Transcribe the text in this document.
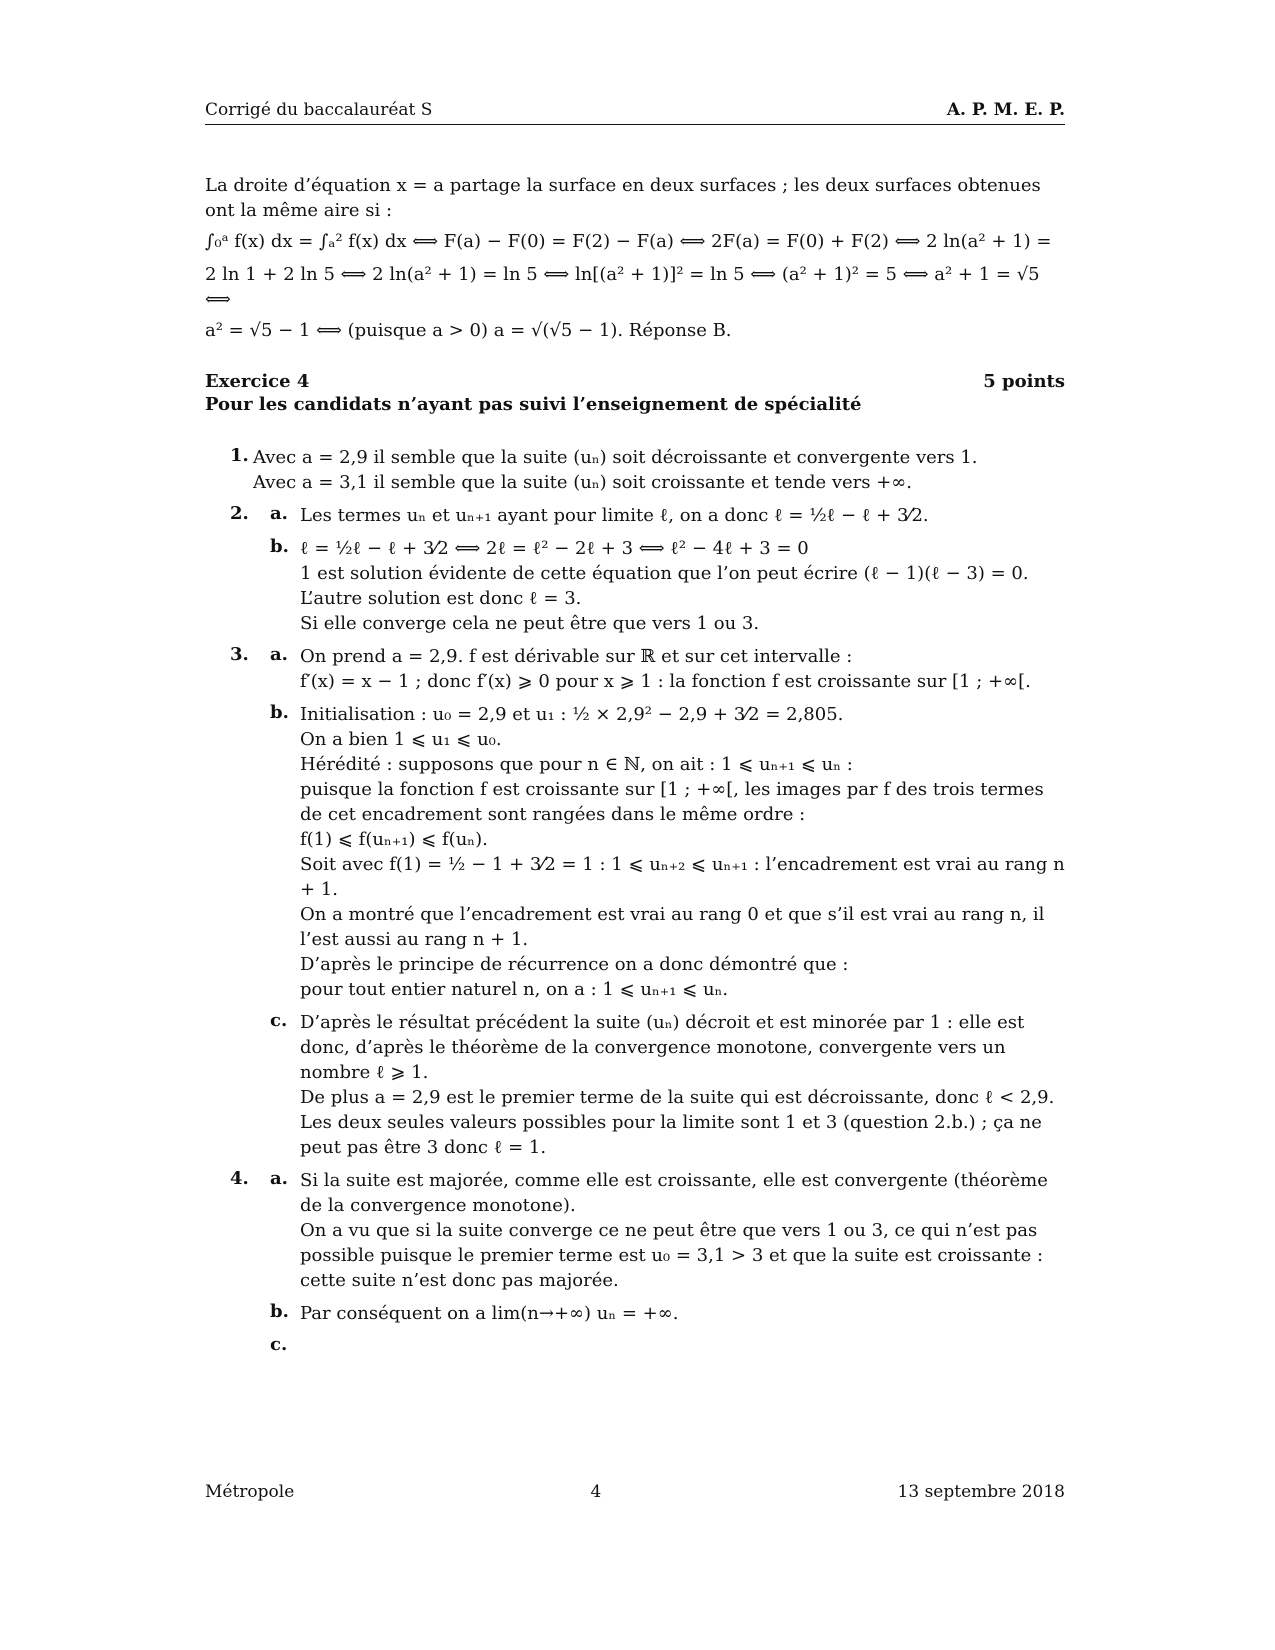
Corrigé du baccalauréat S	A. P. M. E. P.

La droite d’équation x = a partage la surface en deux surfaces ; les deux surfaces obtenues ont la même aire si :

∫₀ᵃ f(x) dx = ∫ₐ² f(x) dx ⟺ F(a) − F(0) = F(2) − F(a) ⟺ 2F(a) = F(0) + F(2) ⟺ 2 ln(a² + 1) =

2 ln 1 + 2 ln 5 ⟺ 2 ln(a² + 1) = ln 5 ⟺ ln[(a² + 1)]² = ln 5 ⟺ (a² + 1)² = 5 ⟺ a² + 1 = √5 ⟺

a² = √5 − 1 ⟺ (puisque a > 0) a = √(√5 − 1). Réponse B.

Exercice 4	5 points

Pour les candidats n’ayant pas suivi l’enseignement de spécialité

1. Avec a = 2,9 il semble que la suite (uₙ) soit décroissante et convergente vers 1.

Avec a = 3,1 il semble que la suite (uₙ) soit croissante et tende vers +∞.

2. a. Les termes uₙ et uₙ₊₁ ayant pour limite ℓ, on a donc ℓ = ½ℓ − ℓ + 3⁄2.

b. ℓ = ½ℓ − ℓ + 3⁄2 ⟺ 2ℓ = ℓ² − 2ℓ + 3 ⟺ ℓ² − 4ℓ + 3 = 0

1 est solution évidente de cette équation que l’on peut écrire (ℓ − 1)(ℓ − 3) = 0.

L’autre solution est donc ℓ = 3.

Si elle converge cela ne peut être que vers 1 ou 3.

3. a. On prend a = 2,9. f est dérivable sur ℝ et sur cet intervalle :

f′(x) = x − 1 ; donc f′(x) ⩾ 0 pour x ⩾ 1 : la fonction f est croissante sur [1 ; +∞[.

b. Initialisation : u₀ = 2,9 et u₁ : ½ × 2,9² − 2,9 + 3⁄2 = 2,805.

On a bien 1 ⩽ u₁ ⩽ u₀.

Hérédité : supposons que pour n ∈ ℕ, on ait : 1 ⩽ uₙ₊₁ ⩽ uₙ :

puisque la fonction f est croissante sur [1 ; +∞[, les images par f des trois termes de cet encadrement sont rangées dans le même ordre :

f(1) ⩽ f(uₙ₊₁) ⩽ f(uₙ).

Soit avec f(1) = ½ − 1 + 3⁄2 = 1 : 1 ⩽ uₙ₊₂ ⩽ uₙ₊₁ : l’encadrement est vrai au rang n + 1.

On a montré que l’encadrement est vrai au rang 0 et que s’il est vrai au rang n, il l’est aussi au rang n + 1.

D’après le principe de récurrence on a donc démontré que :

pour tout entier naturel n, on a : 1 ⩽ uₙ₊₁ ⩽ uₙ.

c. D’après le résultat précédent la suite (uₙ) décroit et est minorée par 1 : elle est donc, d’après le théorème de la convergence monotone, convergente vers un nombre ℓ ⩾ 1.

De plus a = 2,9 est le premier terme de la suite qui est décroissante, donc ℓ < 2,9.

Les deux seules valeurs possibles pour la limite sont 1 et 3 (question 2.b.) ; ça ne peut pas être 3 donc ℓ = 1.

4. a. Si la suite est majorée, comme elle est croissante, elle est convergente (théorème de la convergence monotone).

On a vu que si la suite converge ce ne peut être que vers 1 ou 3, ce qui n’est pas possible puisque le premier terme est u₀ = 3,1 > 3 et que la suite est croissante : cette suite n’est donc pas majorée.

b. Par conséquent on a lim(n→+∞) uₙ = +∞.

c.

Métropole	4	13 septembre 2018
